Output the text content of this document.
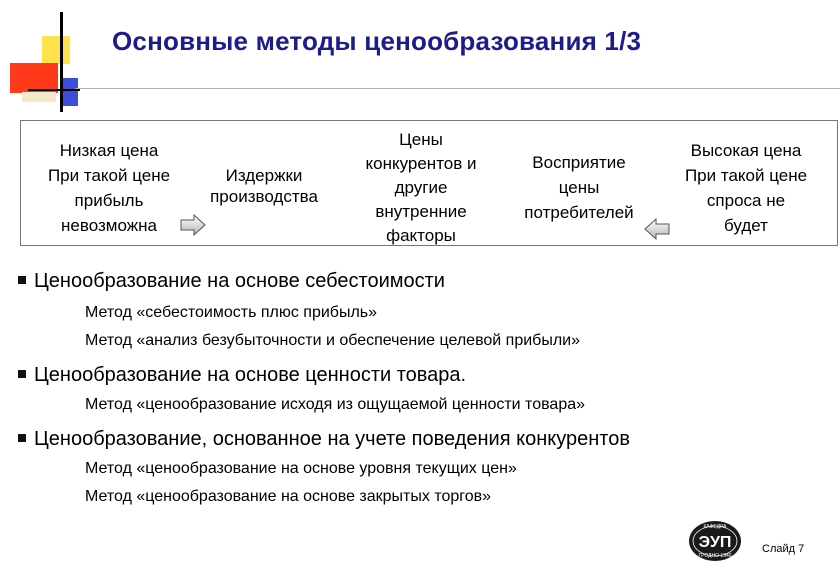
Основные методы ценообразования 1/3
Низкая цена
При такой цене
прибыль
невозможна
Издержки
производства
Цены
конкурентов и
другие
внутренние
факторы
Восприятие
цены
потребителей
Высокая цена
При такой цене
спроса не
будет
Ценообразование на основе себестоимости
Метод «себестоимость плюс прибыль»
Метод «анализ безубыточности и обеспечение целевой прибыли»
Ценообразование на основе ценности товара.
Метод «ценообразование исходя из ощущаемой ценности товара»
Ценообразование, основанное на учете поведения конкурентов
Метод «ценообразование на основе уровня текущих цен»
Метод «ценообразование на основе закрытых торгов»
КАФЕДРА
ЭУП
ГРОДНО 1940
Слайд 7
